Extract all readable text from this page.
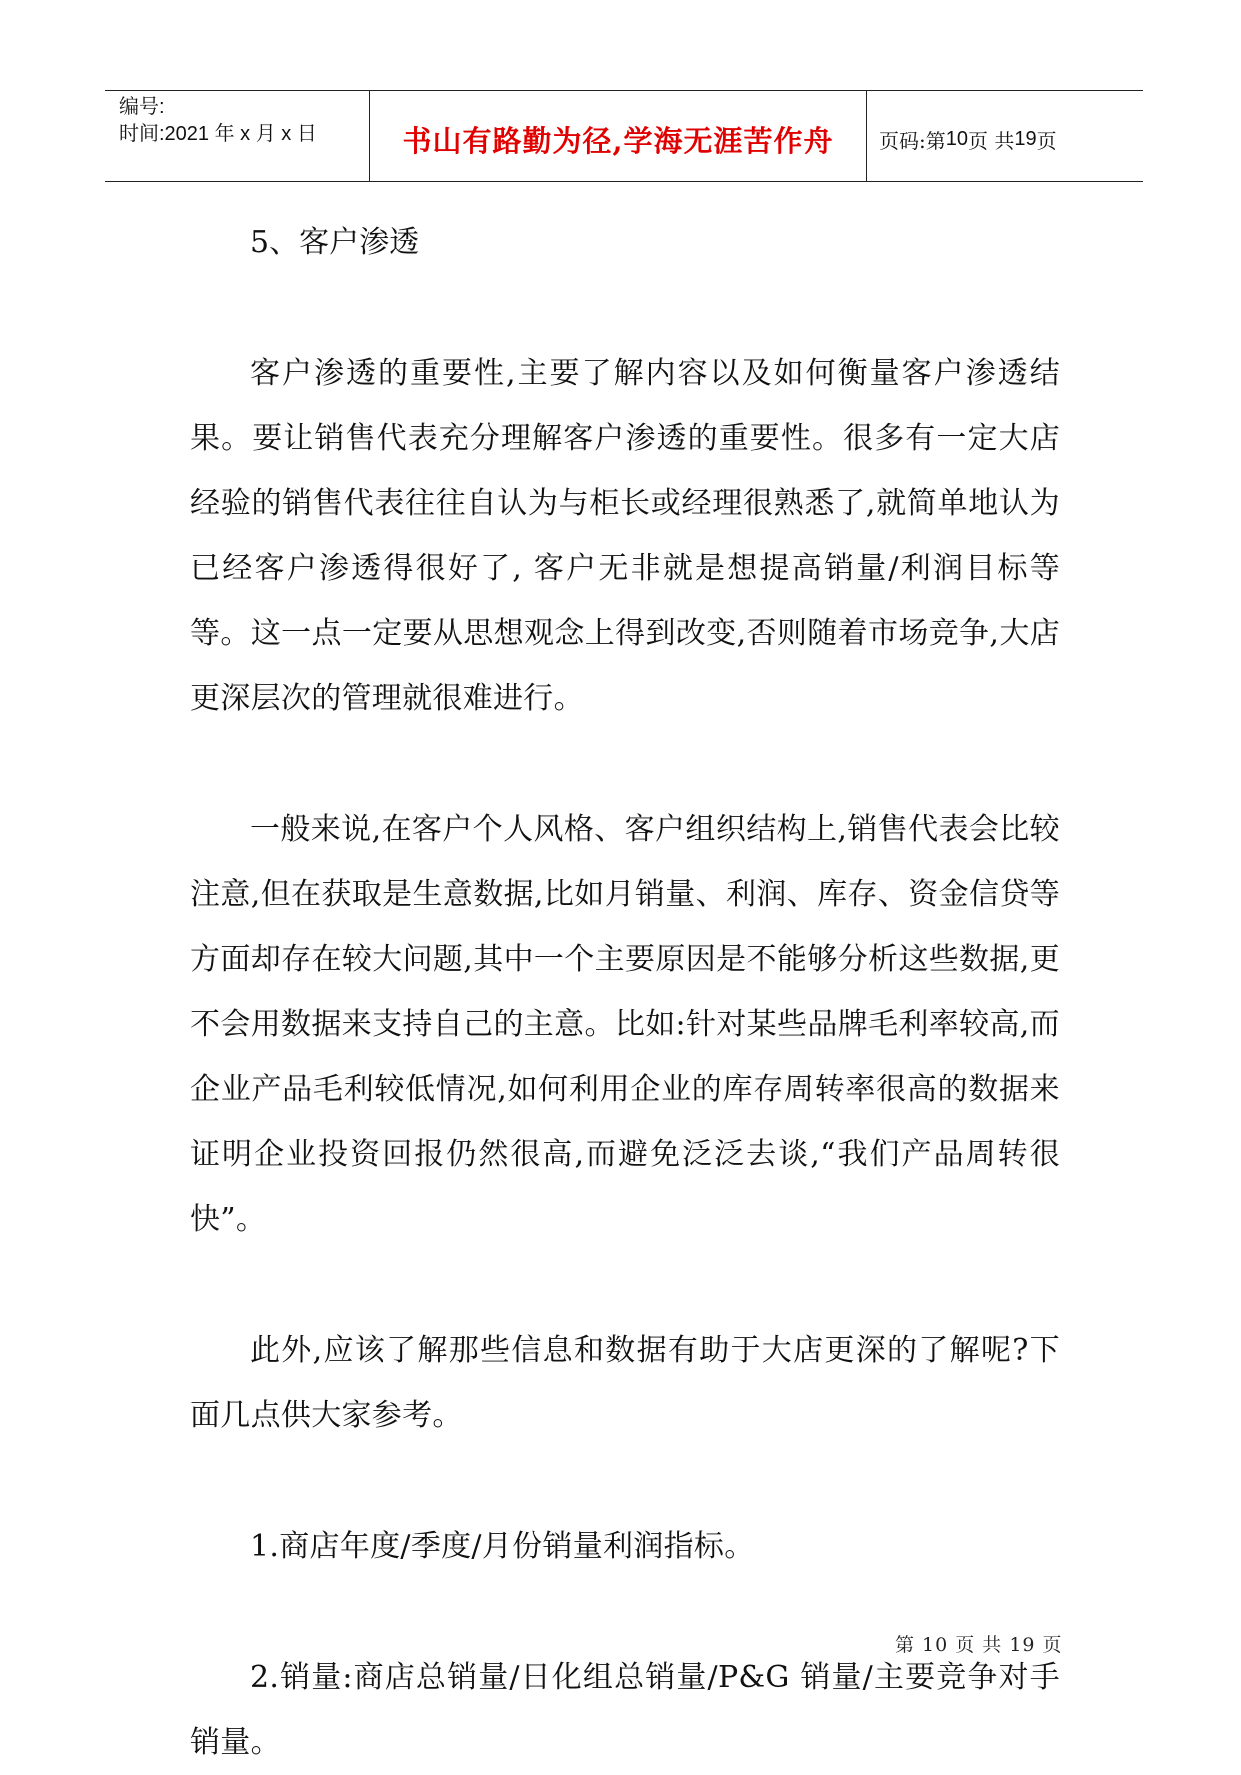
编号:
时间:2021 年 x 月 x 日	书山有路勤为径,学海无涯苦作舟	页码:第 10 页 共 19 页

5、客户渗透

客户渗透的重要性,主要了解内容以及如何衡量客户渗透结果。要让销售代表充分理解客户渗透的重要性。很多有一定大店经验的销售代表往往自认为与柜长或经理很熟悉了,就简单地认为已经客户渗透得很好了, 客户无非就是想提高销量/利润目标等等。这一点一定要从思想观念上得到改变,否则随着市场竞争,大店更深层次的管理就很难进行。

一般来说,在客户个人风格、客户组织结构上,销售代表会比较注意,但在获取是生意数据,比如月销量、利润、库存、资金信贷等方面却存在较大问题,其中一个主要原因是不能够分析这些数据,更不会用数据来支持自己的主意。比如:针对某些品牌毛利率较高,而企业产品毛利较低情况,如何利用企业的库存周转率很高的数据来证明企业投资回报仍然很高,而避免泛泛去谈,“我们产品周转很快”。

此外,应该了解那些信息和数据有助于大店更深的了解呢?下面几点供大家参考。

1.商店年度/季度/月份销量利润指标。

2.销量:商店总销量/日化组总销量/P&G 销量/主要竞争对手销量。

第 10 页 共 19 页
